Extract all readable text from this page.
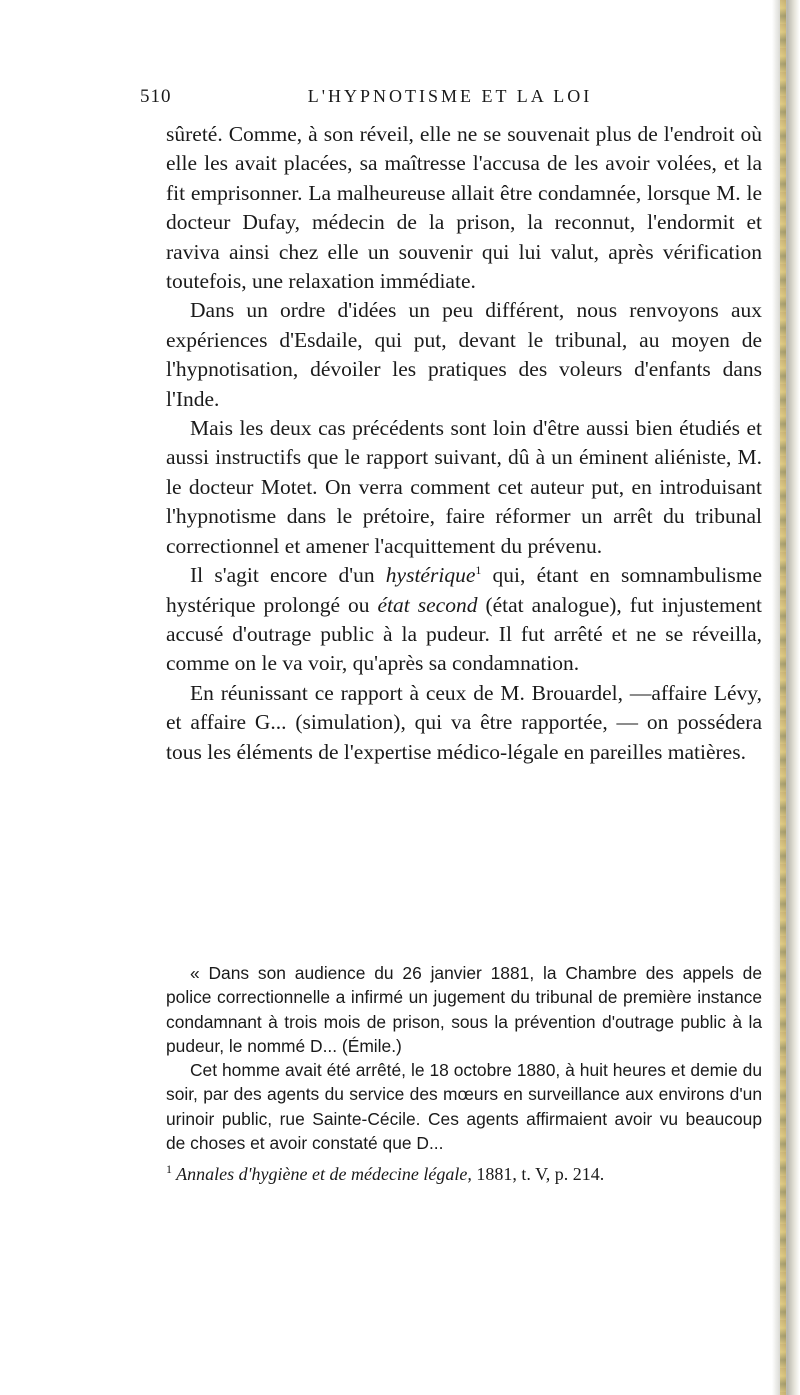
510	L'HYPNOTISME ET LA LOI

sûreté. Comme, à son réveil, elle ne se souvenait plus de l'endroit où elle les avait placées, sa maîtresse l'accusa de les avoir volées, et la fit emprisonner. La malheureuse allait être condamnée, lorsque M. le docteur Dufay, médecin de la prison, la reconnut, l'endormit et raviva ainsi chez elle un souvenir qui lui valut, après vérification toutefois, une relaxation immédiate.

Dans un ordre d'idées un peu différent, nous renvoyons aux expériences d'Esdaile, qui put, devant le tribunal, au moyen de l'hypnotisation, dévoiler les pratiques des voleurs d'enfants dans l'Inde.

Mais les deux cas précédents sont loin d'être aussi bien étudiés et aussi instructifs que le rapport suivant, dû à un éminent aliéniste, M. le docteur Motet. On verra comment cet auteur put, en introduisant l'hypnotisme dans le prétoire, faire réformer un arrêt du tribunal correctionnel et amener l'acquittement du prévenu.

Il s'agit encore d'un hystérique$^1$ qui, étant en somnambulisme hystérique prolongé ou état second (état analogue), fut injustement accusé d'outrage public à la pudeur. Il fut arrêté et ne se réveilla, comme on le va voir, qu'après sa condamnation.

En réunissant ce rapport à ceux de M. Brouardel, —affaire Lévy, et affaire G... (simulation), qui va être rapportée, — on possédera tous les éléments de l'expertise médico-légale en pareilles matières.

« Dans son audience du 26 janvier 1881, la Chambre des appels de police correctionnelle a infirmé un jugement du tribunal de première instance condamnant à trois mois de prison, sous la prévention d'outrage public à la pudeur, le nommé D... (Émile.)

Cet homme avait été arrêté, le 18 octobre 1880, à huit heures et demie du soir, par des agents du service des mœurs en surveillance aux environs d'un urinoir public, rue Sainte-Cécile. Ces agents affirmaient avoir vu beaucoup de choses et avoir constaté que D...

$^1$ Annales d'hygiène et de médecine légale, 1881, t. V, p. 214.
